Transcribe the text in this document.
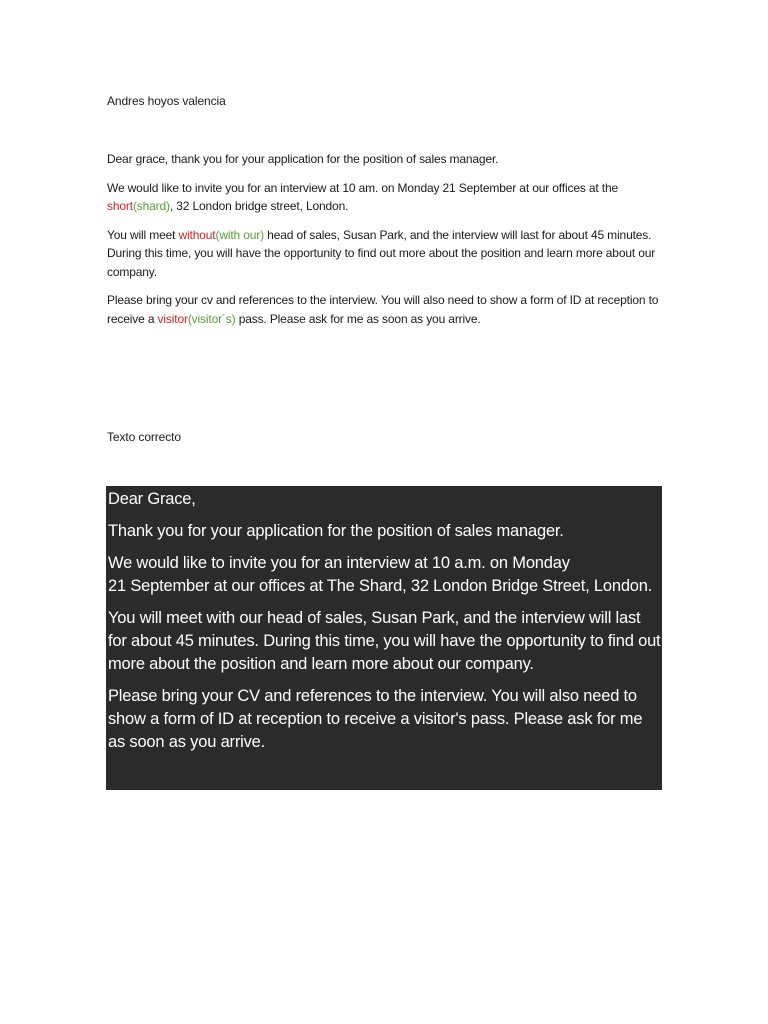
Andres hoyos valencia

Dear grace, thank you for your application for the position of sales manager.

We would like to invite you for an interview at 10 am. on Monday 21 September at our offices at the short(shard), 32 London bridge street, London.

You will meet without(with our) head of sales, Susan Park, and the interview will last for about 45 minutes. During this time, you will have the opportunity to find out more about the position and learn more about our company.

Please bring your cv and references to the interview. You will also need to show a form of ID at reception to receive a visitor(visitor´s) pass. Please ask for me as soon as you arrive.

Texto correcto

Dear Grace,

Thank you for your application for the position of sales manager.

We would like to invite you for an interview at 10 a.m. on Monday
21 September at our offices at The Shard, 32 London Bridge Street, London.

You will meet with our head of sales, Susan Park, and the interview will last for about 45 minutes. During this time, you will have the opportunity to find out more about the position and learn more about our company.

Please bring your CV and references to the interview. You will also need to show a form of ID at reception to receive a visitor's pass. Please ask for me as soon as you arrive.
